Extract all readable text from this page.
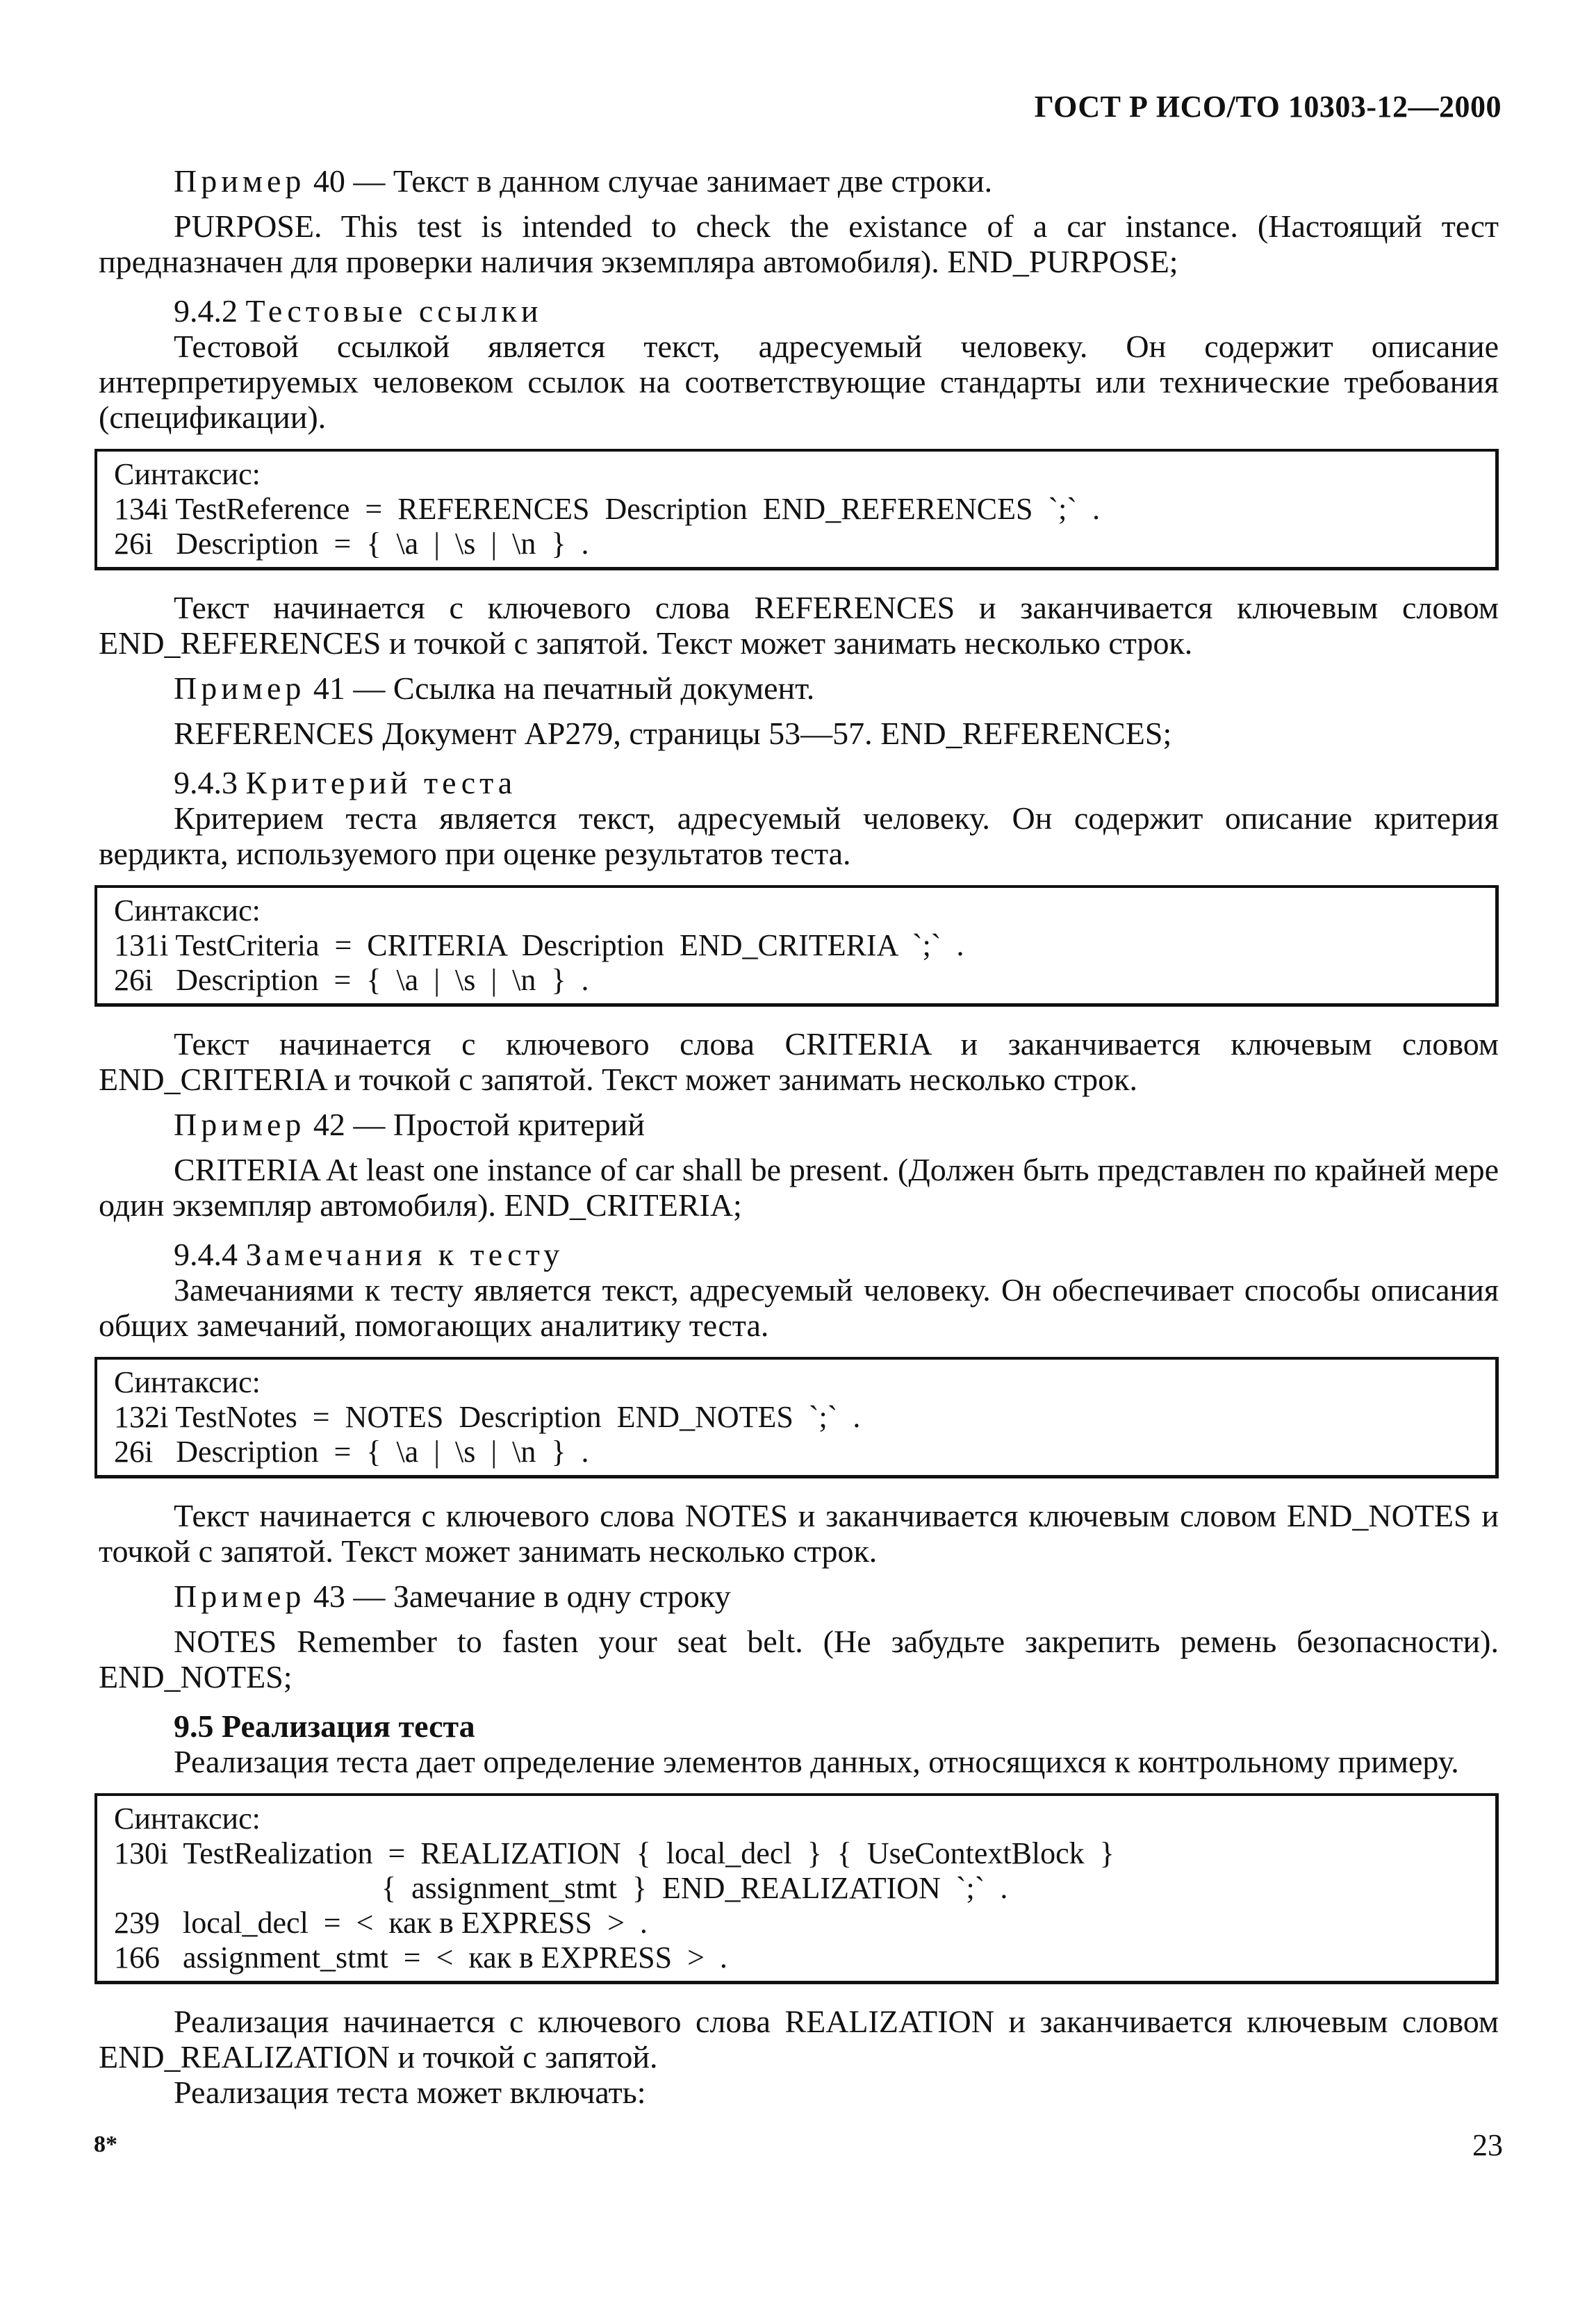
ГОСТ Р ИСО/ТО 10303-12—2000

Пример 40 — Текст в данном случае занимает две строки.

PURPOSE. This test is intended to check the existance of a car instance. (Настоящий тест предназначен для проверки наличия экземпляра автомобиля). END_PURPOSE;

9.4.2 Тестовые ссылки

Тестовой ссылкой является текст, адресуемый человеку. Он содержит описание интерпретируемых человеком ссылок на соответствующие стандарты или технические требования (спецификации).

Синтаксис:
134i TestReference  =  REFERENCES  Description  END_REFERENCES  `;`  .
26i   Description  =  {  \a  |  \s  |  \n  }  .

Текст начинается с ключевого слова REFERENCES и заканчивается ключевым словом END_REFERENCES и точкой с запятой. Текст может занимать несколько строк.

Пример 41 — Ссылка на печатный документ.

REFERENCES Документ AP279, страницы 53—57. END_REFERENCES;

9.4.3 Критерий теста

Критерием теста является текст, адресуемый человеку. Он содержит описание критерия вердикта, используемого при оценке результатов теста.

Синтаксис:
131i TestCriteria  =  CRITERIA  Description  END_CRITERIA  `;`  .
26i   Description  =  {  \a  |  \s  |  \n  }  .

Текст начинается с ключевого слова CRITERIA и заканчивается ключевым словом END_CRITERIA и точкой с запятой. Текст может занимать несколько строк.

Пример 42 — Простой критерий

CRITERIA At least one instance of car shall be present. (Должен быть представлен по крайней мере один экземпляр автомобиля). END_CRITERIA;

9.4.4 Замечания к тесту

Замечаниями к тесту является текст, адресуемый человеку. Он обеспечивает способы описания общих замечаний, помогающих аналитику теста.

Синтаксис:
132i TestNotes  =  NOTES  Description  END_NOTES  `;`  .
26i   Description  =  {  \a  |  \s  |  \n  }  .

Текст начинается с ключевого слова NOTES и заканчивается ключевым словом END_NOTES и точкой с запятой. Текст может занимать несколько строк.

Пример 43 — Замечание в одну строку

NOTES Remember to fasten your seat belt. (Не забудьте закрепить ремень безопасности). END_NOTES;

9.5 Реализация теста

Реализация теста дает определение элементов данных, относящихся к контрольному примеру.

Синтаксис:
130i  TestRealization  =  REALIZATION  {  local_decl  }  {  UseContextBlock  }
{  assignment_stmt  }  END_REALIZATION  `;`  .
239   local_decl  =  <  как в EXPRESS  >  .
166   assignment_stmt  =  <  как в EXPRESS  >  .

Реализация начинается с ключевого слова REALIZATION и заканчивается ключевым словом END_REALIZATION и точкой с запятой.

Реализация теста может включать:

8*	23
